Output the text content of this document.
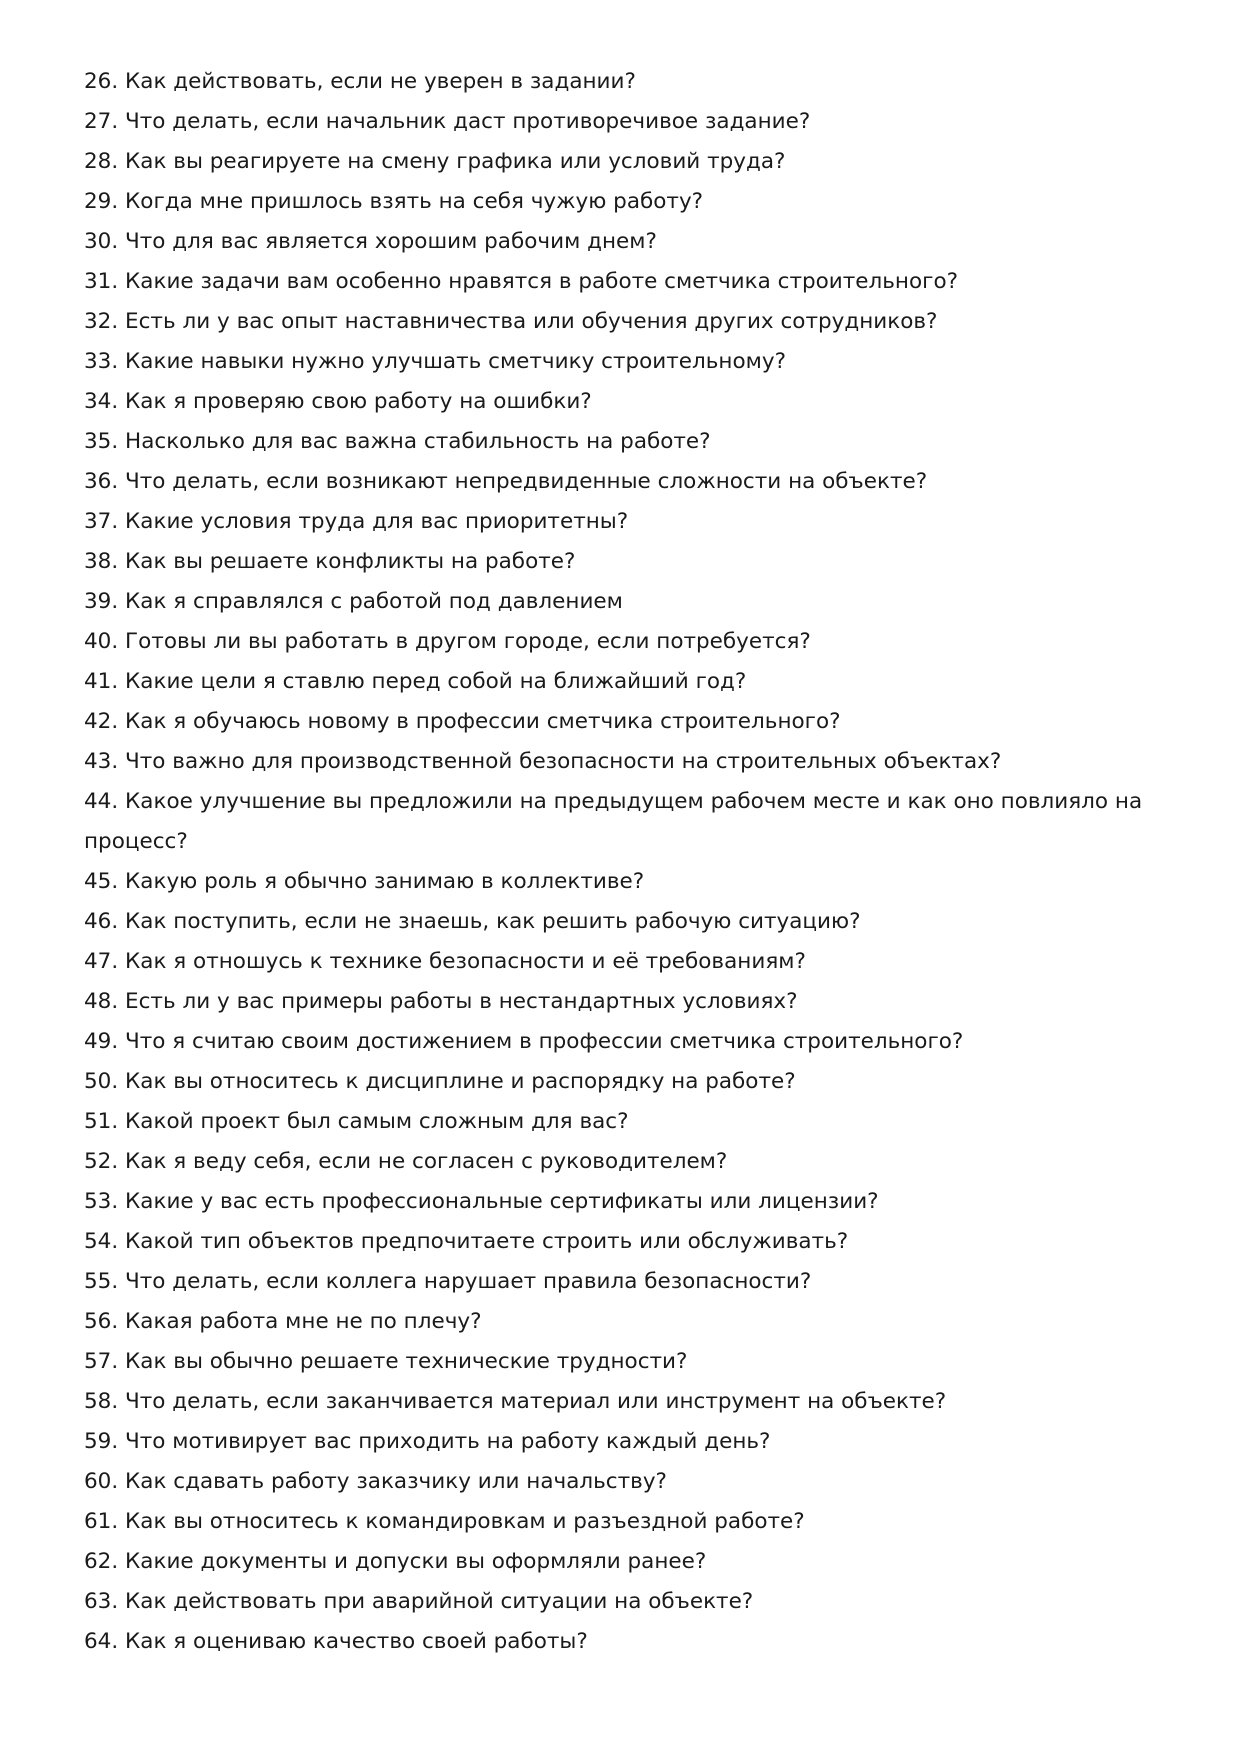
26. Как действовать, если не уверен в задании?
27. Что делать, если начальник даст противоречивое задание?
28. Как вы реагируете на смену графика или условий труда?
29. Когда мне пришлось взять на себя чужую работу?
30. Что для вас является хорошим рабочим днем?
31. Какие задачи вам особенно нравятся в работе сметчика строительного?
32. Есть ли у вас опыт наставничества или обучения других сотрудников?
33. Какие навыки нужно улучшать сметчику строительному?
34. Как я проверяю свою работу на ошибки?
35. Насколько для вас важна стабильность на работе?
36. Что делать, если возникают непредвиденные сложности на объекте?
37. Какие условия труда для вас приоритетны?
38. Как вы решаете конфликты на работе?
39. Как я справлялся с работой под давлением
40. Готовы ли вы работать в другом городе, если потребуется?
41. Какие цели я ставлю перед собой на ближайший год?
42. Как я обучаюсь новому в профессии сметчика строительного?
43. Что важно для производственной безопасности на строительных объектах?
44. Какое улучшение вы предложили на предыдущем рабочем месте и как оно повлияло на процесс?
45. Какую роль я обычно занимаю в коллективе?
46. Как поступить, если не знаешь, как решить рабочую ситуацию?
47. Как я отношусь к технике безопасности и её требованиям?
48. Есть ли у вас примеры работы в нестандартных условиях?
49. Что я считаю своим достижением в профессии сметчика строительного?
50. Как вы относитесь к дисциплине и распорядку на работе?
51. Какой проект был самым сложным для вас?
52. Как я веду себя, если не согласен с руководителем?
53. Какие у вас есть профессиональные сертификаты или лицензии?
54. Какой тип объектов предпочитаете строить или обслуживать?
55. Что делать, если коллега нарушает правила безопасности?
56. Какая работа мне не по плечу?
57. Как вы обычно решаете технические трудности?
58. Что делать, если заканчивается материал или инструмент на объекте?
59. Что мотивирует вас приходить на работу каждый день?
60. Как сдавать работу заказчику или начальству?
61. Как вы относитесь к командировкам и разъездной работе?
62. Какие документы и допуски вы оформляли ранее?
63. Как действовать при аварийной ситуации на объекте?
64. Как я оцениваю качество своей работы?
